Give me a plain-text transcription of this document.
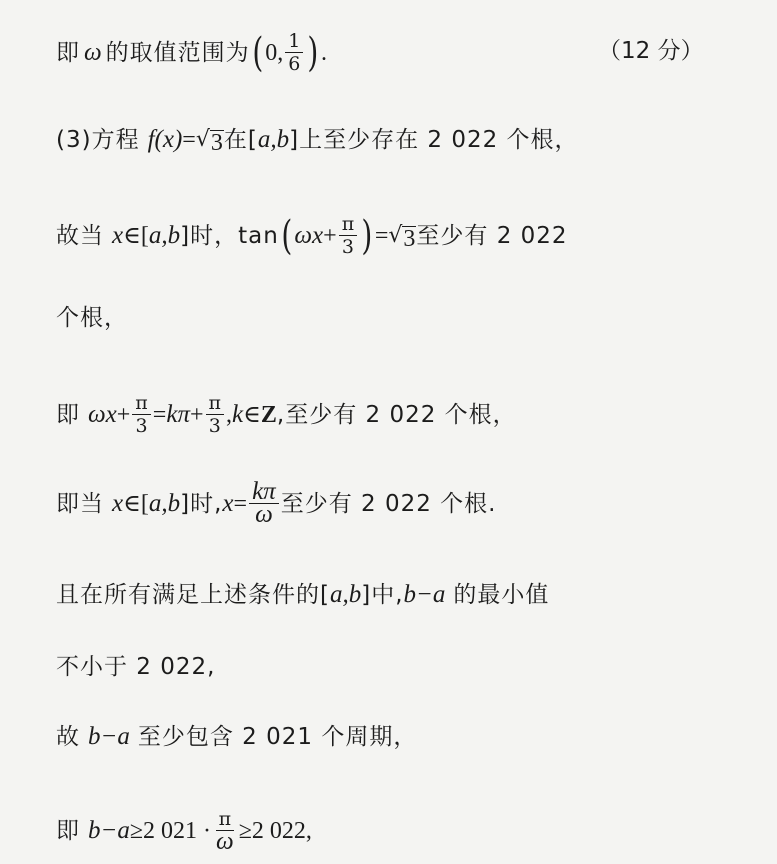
即 ω 的取值范围为 ( 0, $\frac{1}{6}$ ) .	（12 分）
(3)方程 f (x) = √ 3 在[ a,b ]上至少存在 2 022 个根，
故当 x ∈[ a,b ]时，tan ( $\omega x + \frac{\pi}{3}$ ) = √ 3 至少有 2 022
个根，
即 $\omega x + \frac{\pi}{3} = k\pi + \frac{\pi}{3}$ , k ∈ Z ,至少有 2 022 个根，
即当 x ∈[ a,b ]时, $x = \frac{k\pi}{\omega}$ 至少有 2 022 个根.
且在所有满足上述条件的[ a,b ]中, b−a 的最小值
不小于 2 022,
故 b−a 至少包含 2 021 个周期，
即 b−a ≥2 $021 \cdot \frac{\pi}{\omega} \ge 2$ 022,
